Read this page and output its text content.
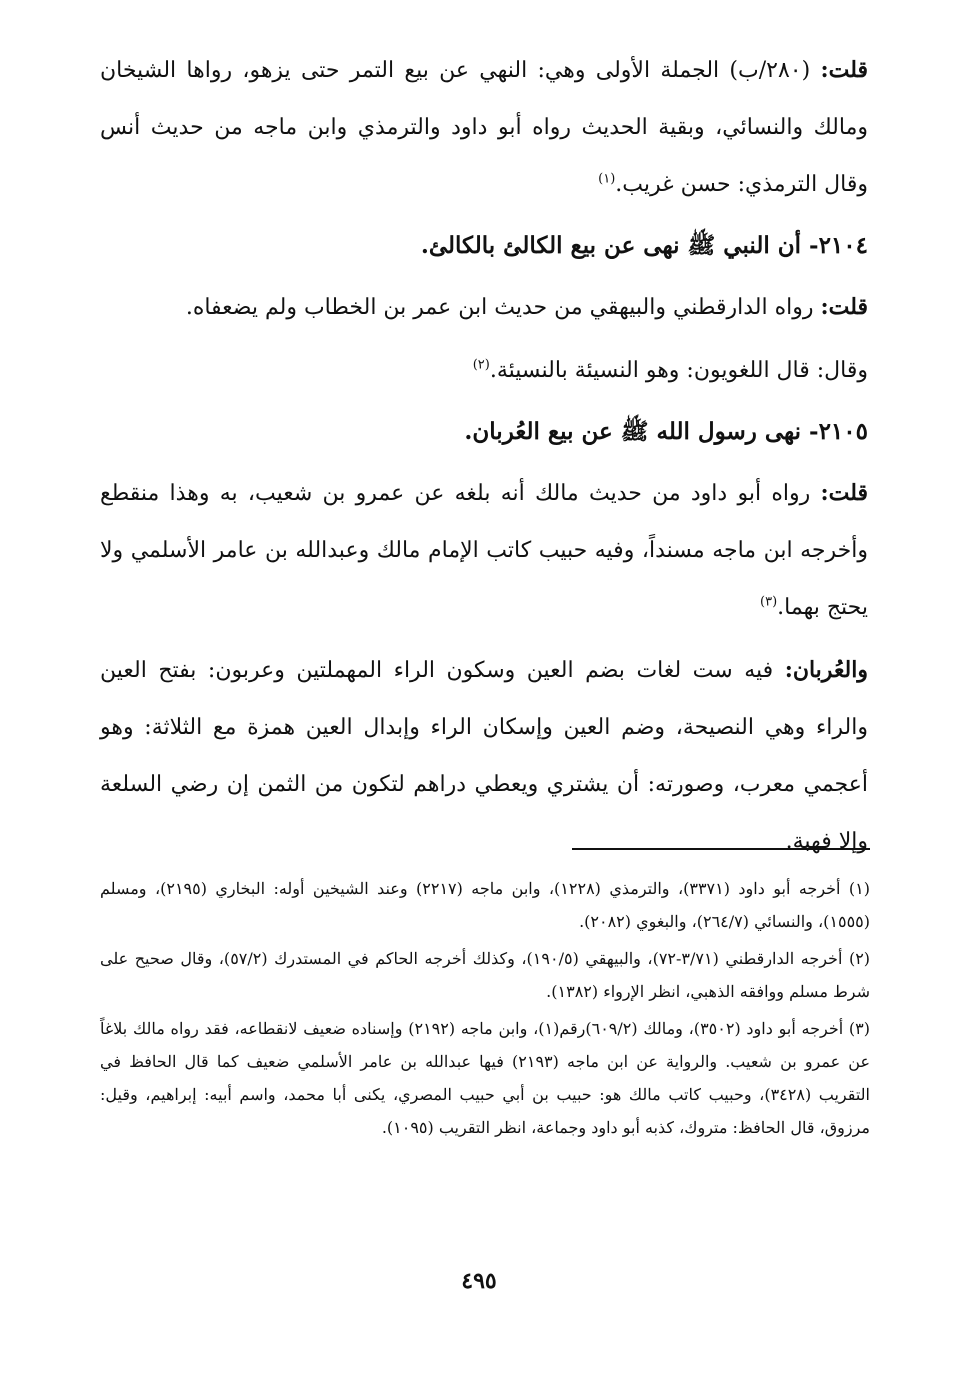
قلت: (٢٨٠/ب) الجملة الأولى وهي: النهي عن بيع التمر حتى يزهو، رواها الشيخان ومالك والنسائي، وبقية الحديث رواه أبو داود والترمذي وابن ماجه من حديث أنس وقال الترمذي: حسن غريب.$^{(١)}$

٢١٠٤- أن النبي ﷺ نهى عن بيع الكالئ بالكالئ.

قلت: رواه الدارقطني والبيهقي من حديث ابن عمر بن الخطاب ولم يضعفاه.

وقال: قال اللغويون: وهو النسيئة بالنسيئة.$^{(٢)}$

٢١٠٥- نهى رسول الله ﷺ عن بيع العُربان.

قلت: رواه أبو داود من حديث مالك أنه بلغه عن عمرو بن شعيب، به وهذا منقطع وأخرجه ابن ماجه مسنداً، وفيه حبيب كاتب الإمام مالك وعبدالله بن عامر الأسلمي ولا يحتج بهما.$^{(٣)}$

والعُربان: فيه ست لغات بضم العين وسكون الراء المهملتين وعربون: بفتح العين والراء وهي النصيحة، وضم العين وإسكان الراء وإبدال العين همزة مع الثلاثة: وهو أعجمي معرب، وصورته: أن يشتري ويعطي دراهم لتكون من الثمن إن رضي السلعة وإلا فهبة.

(١) أخرجه أبو داود (٣٣٧١)، والترمذي (١٢٢٨)، وابن ماجه (٢٢١٧) وعند الشيخين أوله: البخاري (٢١٩٥)، ومسلم (١٥٥٥)، والنسائي (٢٦٤/٧)، والبغوي (٢٠٨٢).

(٢) أخرجه الدارقطني (٣/٧١-٧٢)، والبيهقي (١٩٠/٥)، وكذلك أخرجه الحاكم في المستدرك (٥٧/٢)، وقال صحيح على شرط مسلم ووافقه الذهبي، انظر الإرواء (١٣٨٢).

(٣) أخرجه أبو داود (٣٥٠٢)، ومالك (٦٠٩/٢)رقم(١)، وابن ماجه (٢١٩٢) وإسناده ضعيف لانقطاعه، فقد رواه مالك بلاغاً عن عمرو بن شعيب. والرواية عن ابن ماجه (٢١٩٣) فيها عبدالله بن عامر الأسلمي ضعيف كما قال الحافظ في التقريب (٣٤٢٨)، وحبيب كاتب مالك هو: حبيب بن أبي حبيب المصري، يكنى أبا محمد، واسم أبيه: إبراهيم، وقيل: مرزوق، قال الحافظ: متروك، كذبه أبو داود وجماعة، انظر التقريب (١٠٩٥).

٤٩٥
